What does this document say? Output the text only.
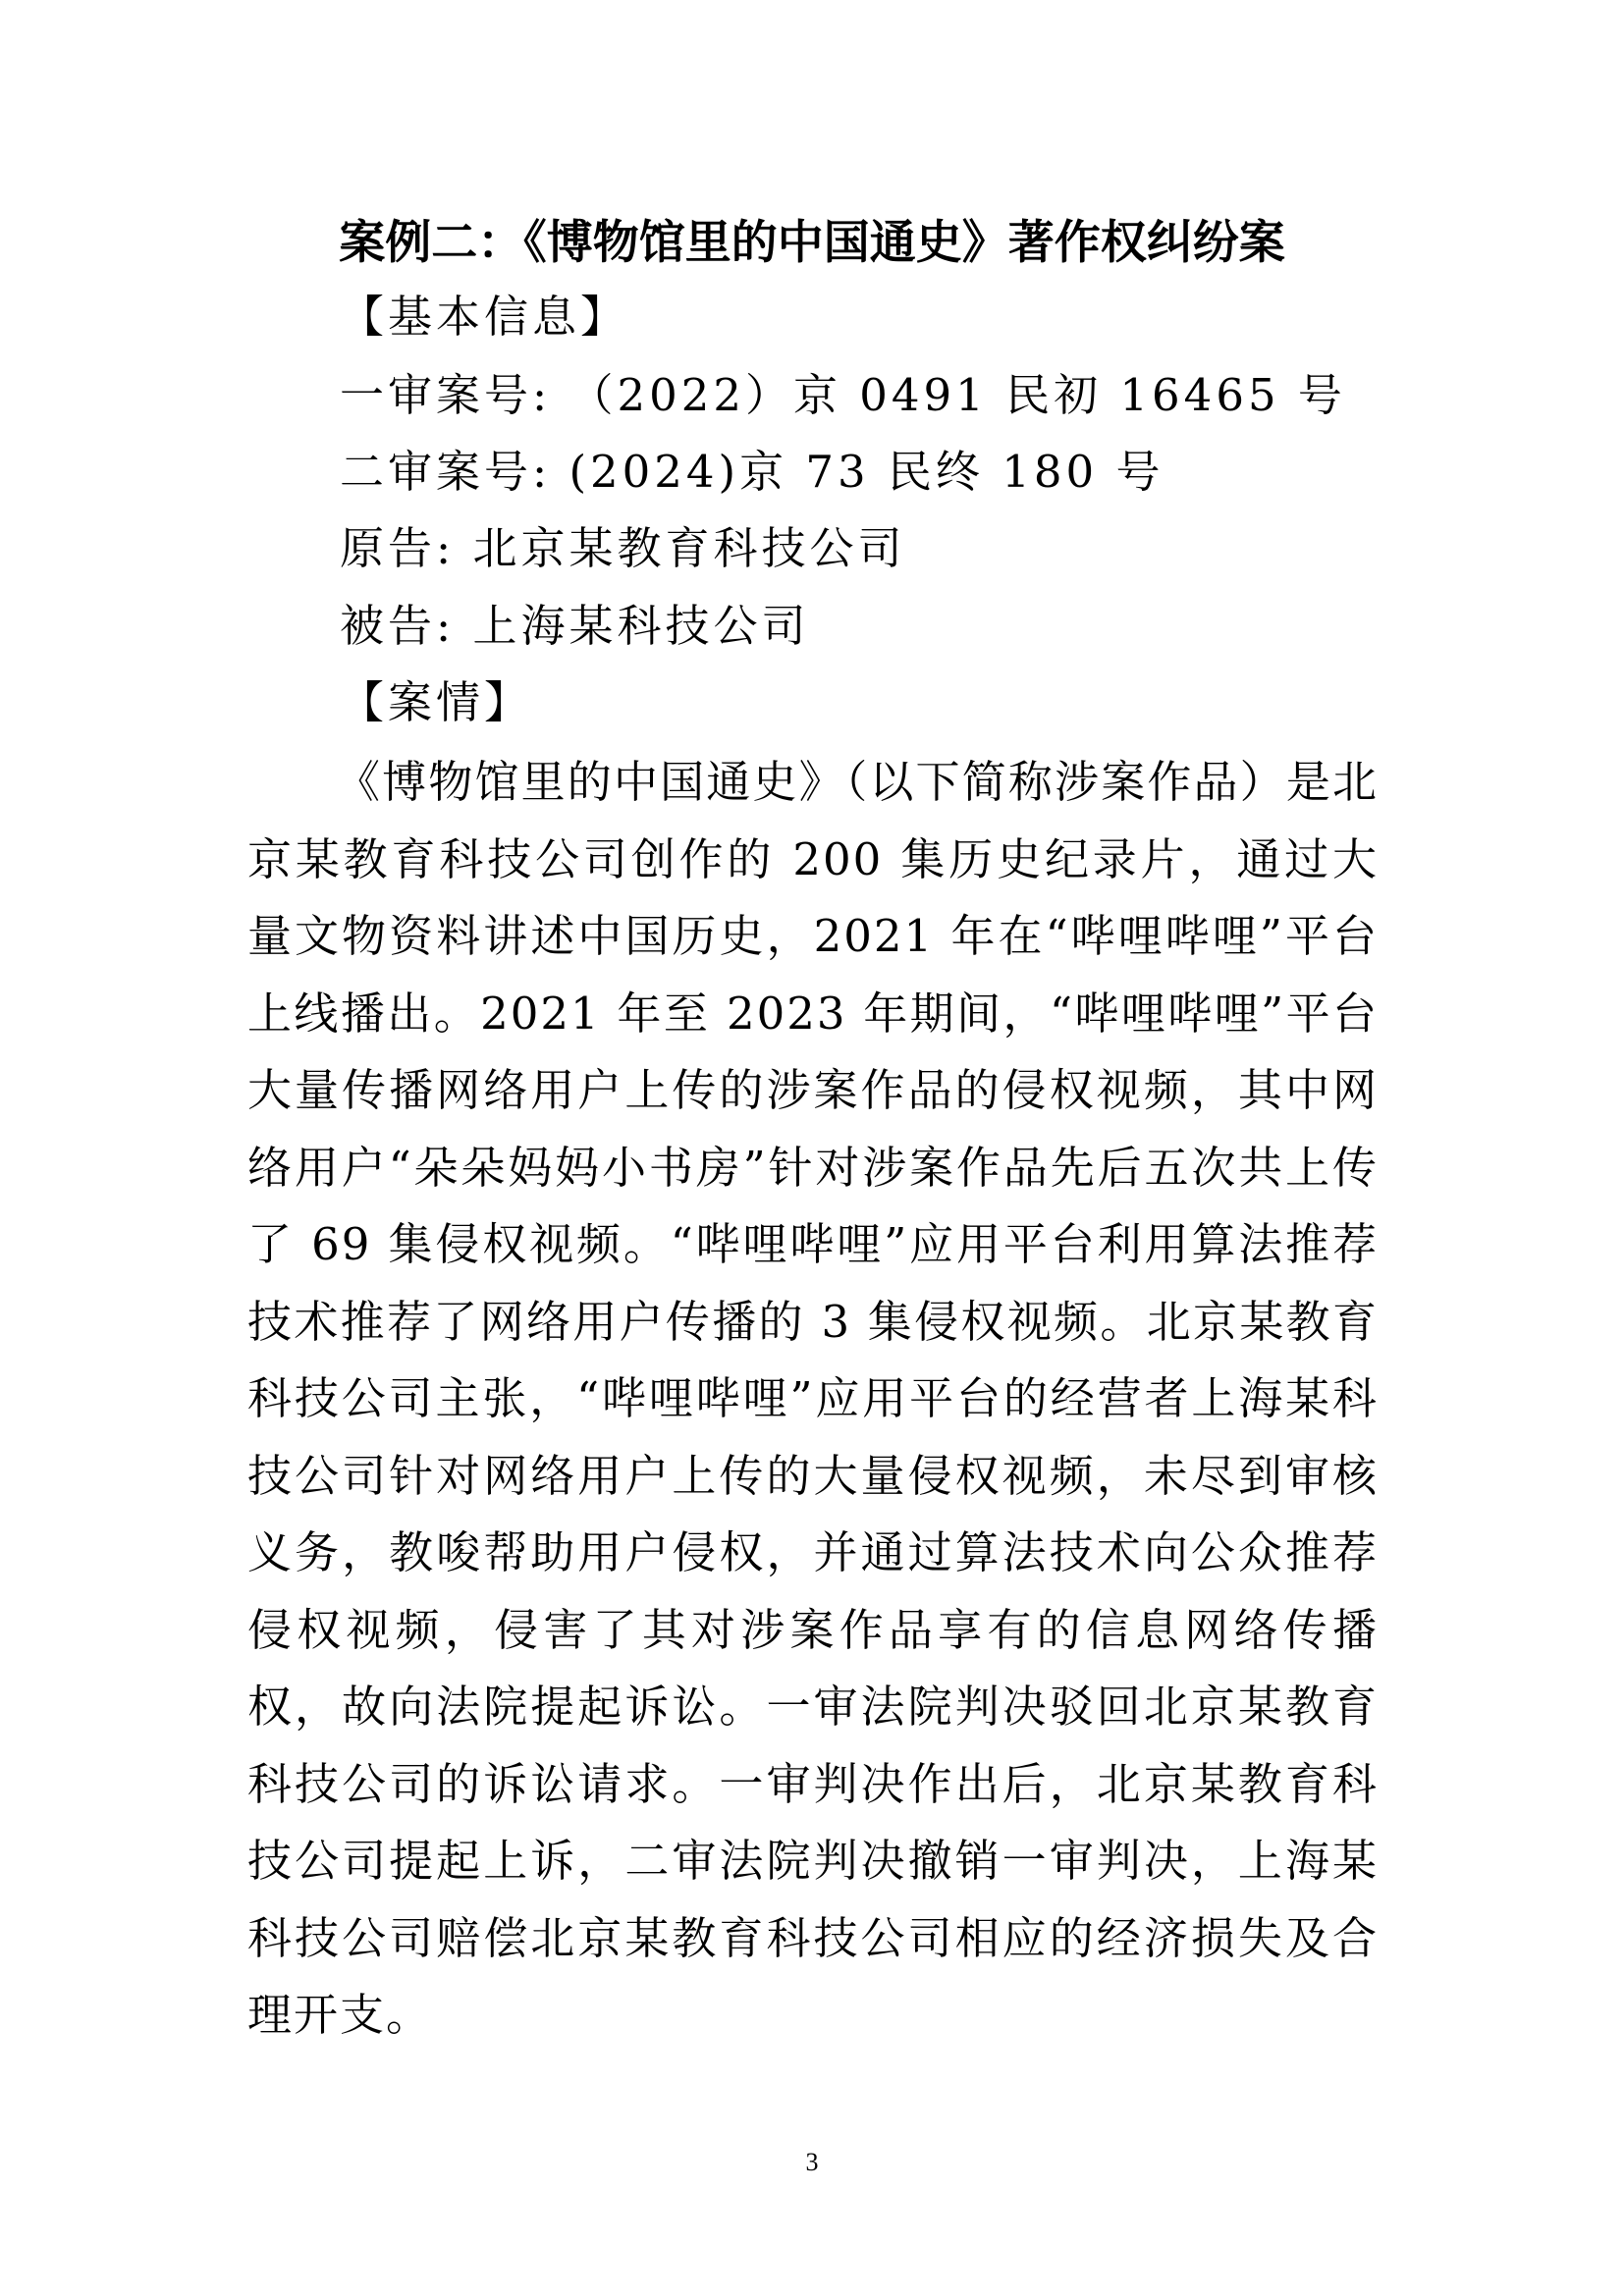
案例二：《博物馆里的中国通史》著作权纠纷案
【基本信息】
一审案号: （2022）京 0491 民初 16465 号
二审案号: (2024)京 73 民终 180 号
原告: 北京某教育科技公司
被告: 上海某科技公司
【案情】

《博物馆里的中国通史》（以下简称涉案作品）是北京某教育科技公司创作的 200 集历史纪录片，通过大量文物资料讲述中国历史，2021 年在“哔哩哔哩”平台上线播出。2021 年至 2023 年期间，“哔哩哔哩”平台大量传播网络用户上传的涉案作品的侵权视频，其中网络用户“朵朵妈妈小书房”针对涉案作品先后五次共上传了 69 集侵权视频。“哔哩哔哩”应用平台利用算法推荐技术推荐了网络用户传播的 3 集侵权视频。北京某教育科技公司主张，“哔哩哔哩”应用平台的经营者上海某科技公司针对网络用户上传的大量侵权视频，未尽到审核义务，教唆帮助用户侵权，并通过算法技术向公众推荐侵权视频，侵害了其对涉案作品享有的信息网络传播权，故向法院提起诉讼。一审法院判决驳回北京某教育科技公司的诉讼请求。一审判决作出后，北京某教育科技公司提起上诉，二审法院判决撤销一审判决，上海某科技公司赔偿北京某教育科技公司相应的经济损失及合理开支。

3
